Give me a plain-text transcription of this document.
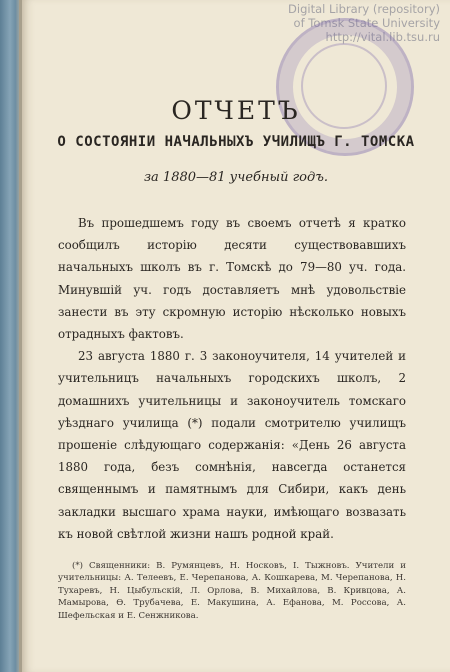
Digital Library (repository)
of Tomsk State University
http://vital.lib.tsu.ru
ОТЧЕТЪ
О СОСТОЯНІИ НАЧАЛЬНЫХЪ УЧИЛИЩЪ Г. ТОМСКА
за 1880—81 учебный годъ.

Въ прошедшемъ году въ своемъ отчетѣ я кратко сообщилъ исторію десяти существовавшихъ начальныхъ школъ въ г. Томскѣ до 79—80 уч. года. Минувшій уч. годъ доставляетъ мнѣ удовольствіе занести въ эту скромную исторію нѣсколько новыхъ отрадныхъ фактовъ.

23 августа 1880 г. 3 законоучителя, 14 учителей и учительницъ начальныхъ городскихъ школъ, 2 домашнихъ учительницы и законоучитель томскаго уѣзднаго училища (*) подали смотрителю училищъ прошеніе слѣдующаго содержанія: «День 26 августа 1880 года, безъ сомнѣнія, навсегда останется священнымъ и памятнымъ для Сибири, какъ день закладки высшаго храма науки, имѣющаго возвазать къ новой свѣтлой жизни нашъ родной край.

(*) Священники: В. Румянцевъ, Н. Носковъ, І. Тыжновъ. Учители и учительницы: А. Телеевъ, Е. Черепанова, А. Кошкарева, М. Черепанова, Н. Тухаревъ, Н. Цыбульскій, Л. Орлова, В. Михайлова, В. Кривцова, А. Мамырова, Ө. Трубачева, Е. Макушина, А. Ефанова, М. Россова, А. Шефельская и Е. Сенжникова.
